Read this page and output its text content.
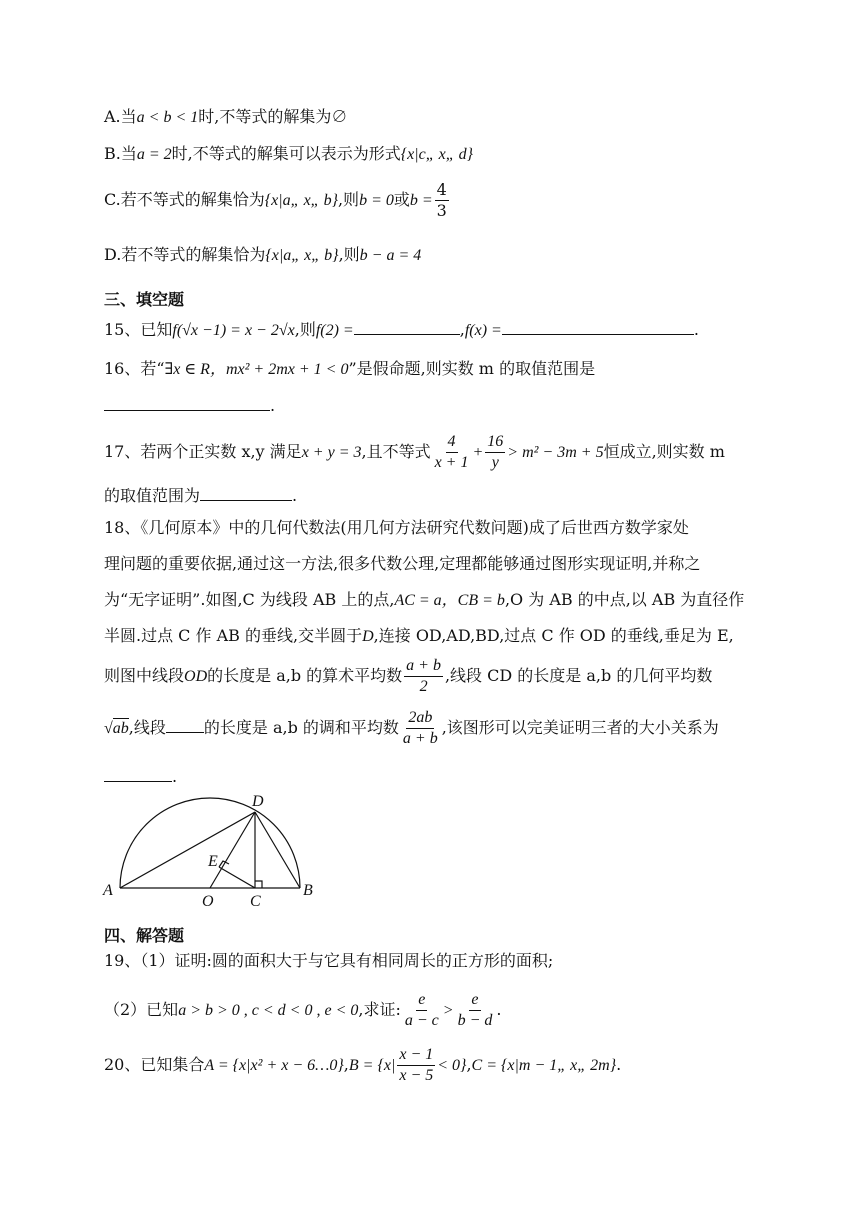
A.当a < b < 1时,不等式的解集为∅
B.当a = 2时,不等式的解集可以表示为形式{x|c„ x„ d}
C.若不等式的解集恰为{x|a„ x„ b},则b = 0或$b = \frac{4}{3}$
D.若不等式的解集恰为{x|a„ x„ b},则b − a = 4
三、填空题
15、已知f(√x −1) = x − 2√x,则f(2) =	,f(x) =	.
16、若“∃x ∈ R，mx² + 2mx + 1 < 0”是假命题,则实数 m 的取值范围是
.
17、若两个正实数 x,y 满足x + y = 3,且不等式 $\frac{4}{x + 1} + \frac{16}{y} > m^2 - 3m + 5$恒成立,则实数 m
的取值范围为	.
18、《几何原本》中的几何代数法(用几何方法研究代数问题)成了后世西方数学家处
理问题的重要依据,通过这一方法,很多代数公理,定理都能够通过图形实现证明,并称之
为“无字证明”.如图,C 为线段 AB 上的点,AC = a，CB = b,O 为 AB 的中点,以 AB 为直径作
半圆.过点 C 作 AB 的垂线,交半圆于D,连接 OD,AD,BD,过点 C 作 OD 的垂线,垂足为 E,
则图中线段OD的长度是 a,b 的算术平均数 $\frac{a + b}{2}$ ,线段 CD 的长度是 a,b 的几何平均数
√ab,线段 的长度是 a,b 的调和平均数 $\frac{2ab}{a + b}$ ,该图形可以完美证明三者的大小关系为
.
A	B
D
E
O C
四、解答题
19、（1）证明:圆的面积大于与它具有相同周长的正方形的面积;
（2）已知a > b > 0 , c < d < 0 , e < 0,求证: $\frac{e}{a - c} > \frac{e}{b - d}$ .
20、已知集合A = {x|x² + x − 6…0},B = $\{x| \frac{x - 1}{x - 5} < 0\},C = \{x|m$ − 1„ x„ 2m}.
